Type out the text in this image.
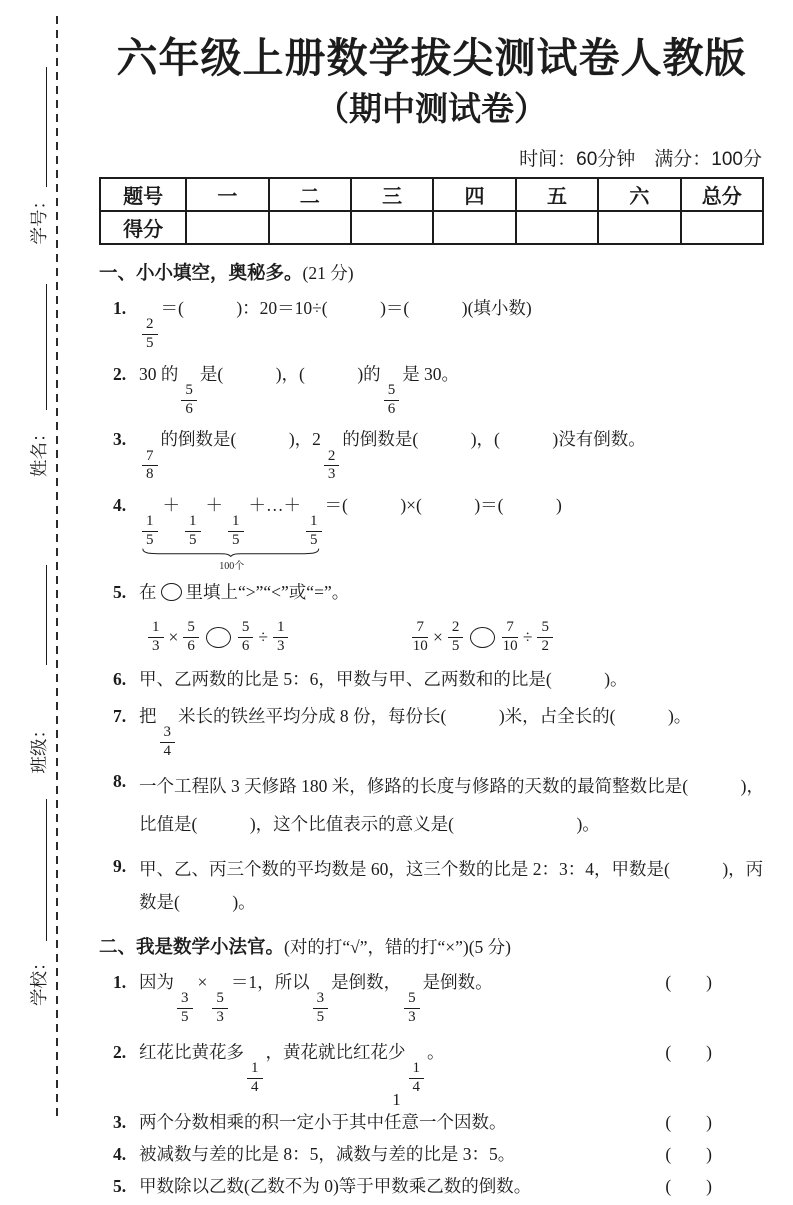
学校：班级：姓名：学号：
六年级上册数学拔尖测试卷人教版
（期中测试卷）
时间：60分钟　满分：100分
题号	一	二	三	四	五	六	总分
得分							
一、小小填空，奥秘多。(21 分)
1.
$\frac{2}{5}$
＝(　　　)：20＝10÷(　　　)＝(　　　)(填小数)
2. 30 的
$\frac{5}{6}$
是(　　　)，(　　　)的
$\frac{5}{6}$
是 30。
3.
$\frac{7}{8}$
的倒数是(　　　)，2
$\frac{2}{3}$
的倒数是(　　　)，(　　　)没有倒数。
4.
$\frac{1}{5}$
＋
$\frac{1}{5}$
＋
$\frac{1}{5}$
＋…＋
$\frac{1}{5}$
100个
＝(　　　)×(　　　)＝(　　　)
5. 在 里填上“>”“<”或“=”。
$\frac{1}{3} \times \frac{5}{6}$	$\frac{5}{6} \div \frac{1}{3}$	$\frac{7}{10} \times \frac{2}{5}$	$\frac{7}{10} \div \frac{5}{2}$
6. 甲、乙两数的比是 5：6，甲数与甲、乙两数和的比是(　　　)。
7. 把
$\frac{3}{4}$
米长的铁丝平均分成 8 份，每份长(　　　)米，占全长的(　　　)。
8. 一个工程队 3 天修路 180 米，修路的长度与修路的天数的最简整数比是(　　　)，比值是(　　　)，这个比值表示的意义是(　　　　　　　)。
9. 甲、乙、丙三个数的平均数是 60，这三个数的比是 2：3：4，甲数是(　　　)，丙数是(　　　)。
二、我是数学小法官。(对的打“√”，错的打“×”)(5 分)
1. 因为
$\frac{3}{5}$
×
$\frac{5}{3}$
＝1，所以
$\frac{3}{5}$
是倒数，
$\frac{5}{3}$
是倒数。	(　　)
2. 红花比黄花多
$\frac{1}{4}$
，黄花就比红花少
$\frac{1}{4}$
。	(　　)
3. 两个分数相乘的积一定小于其中任意一个因数。	(　　)
4. 被减数与差的比是 8：5，减数与差的比是 3：5。	(　　)
5. 甲数除以乙数(乙数不为 0)等于甲数乘乙数的倒数。	(　　)
1
